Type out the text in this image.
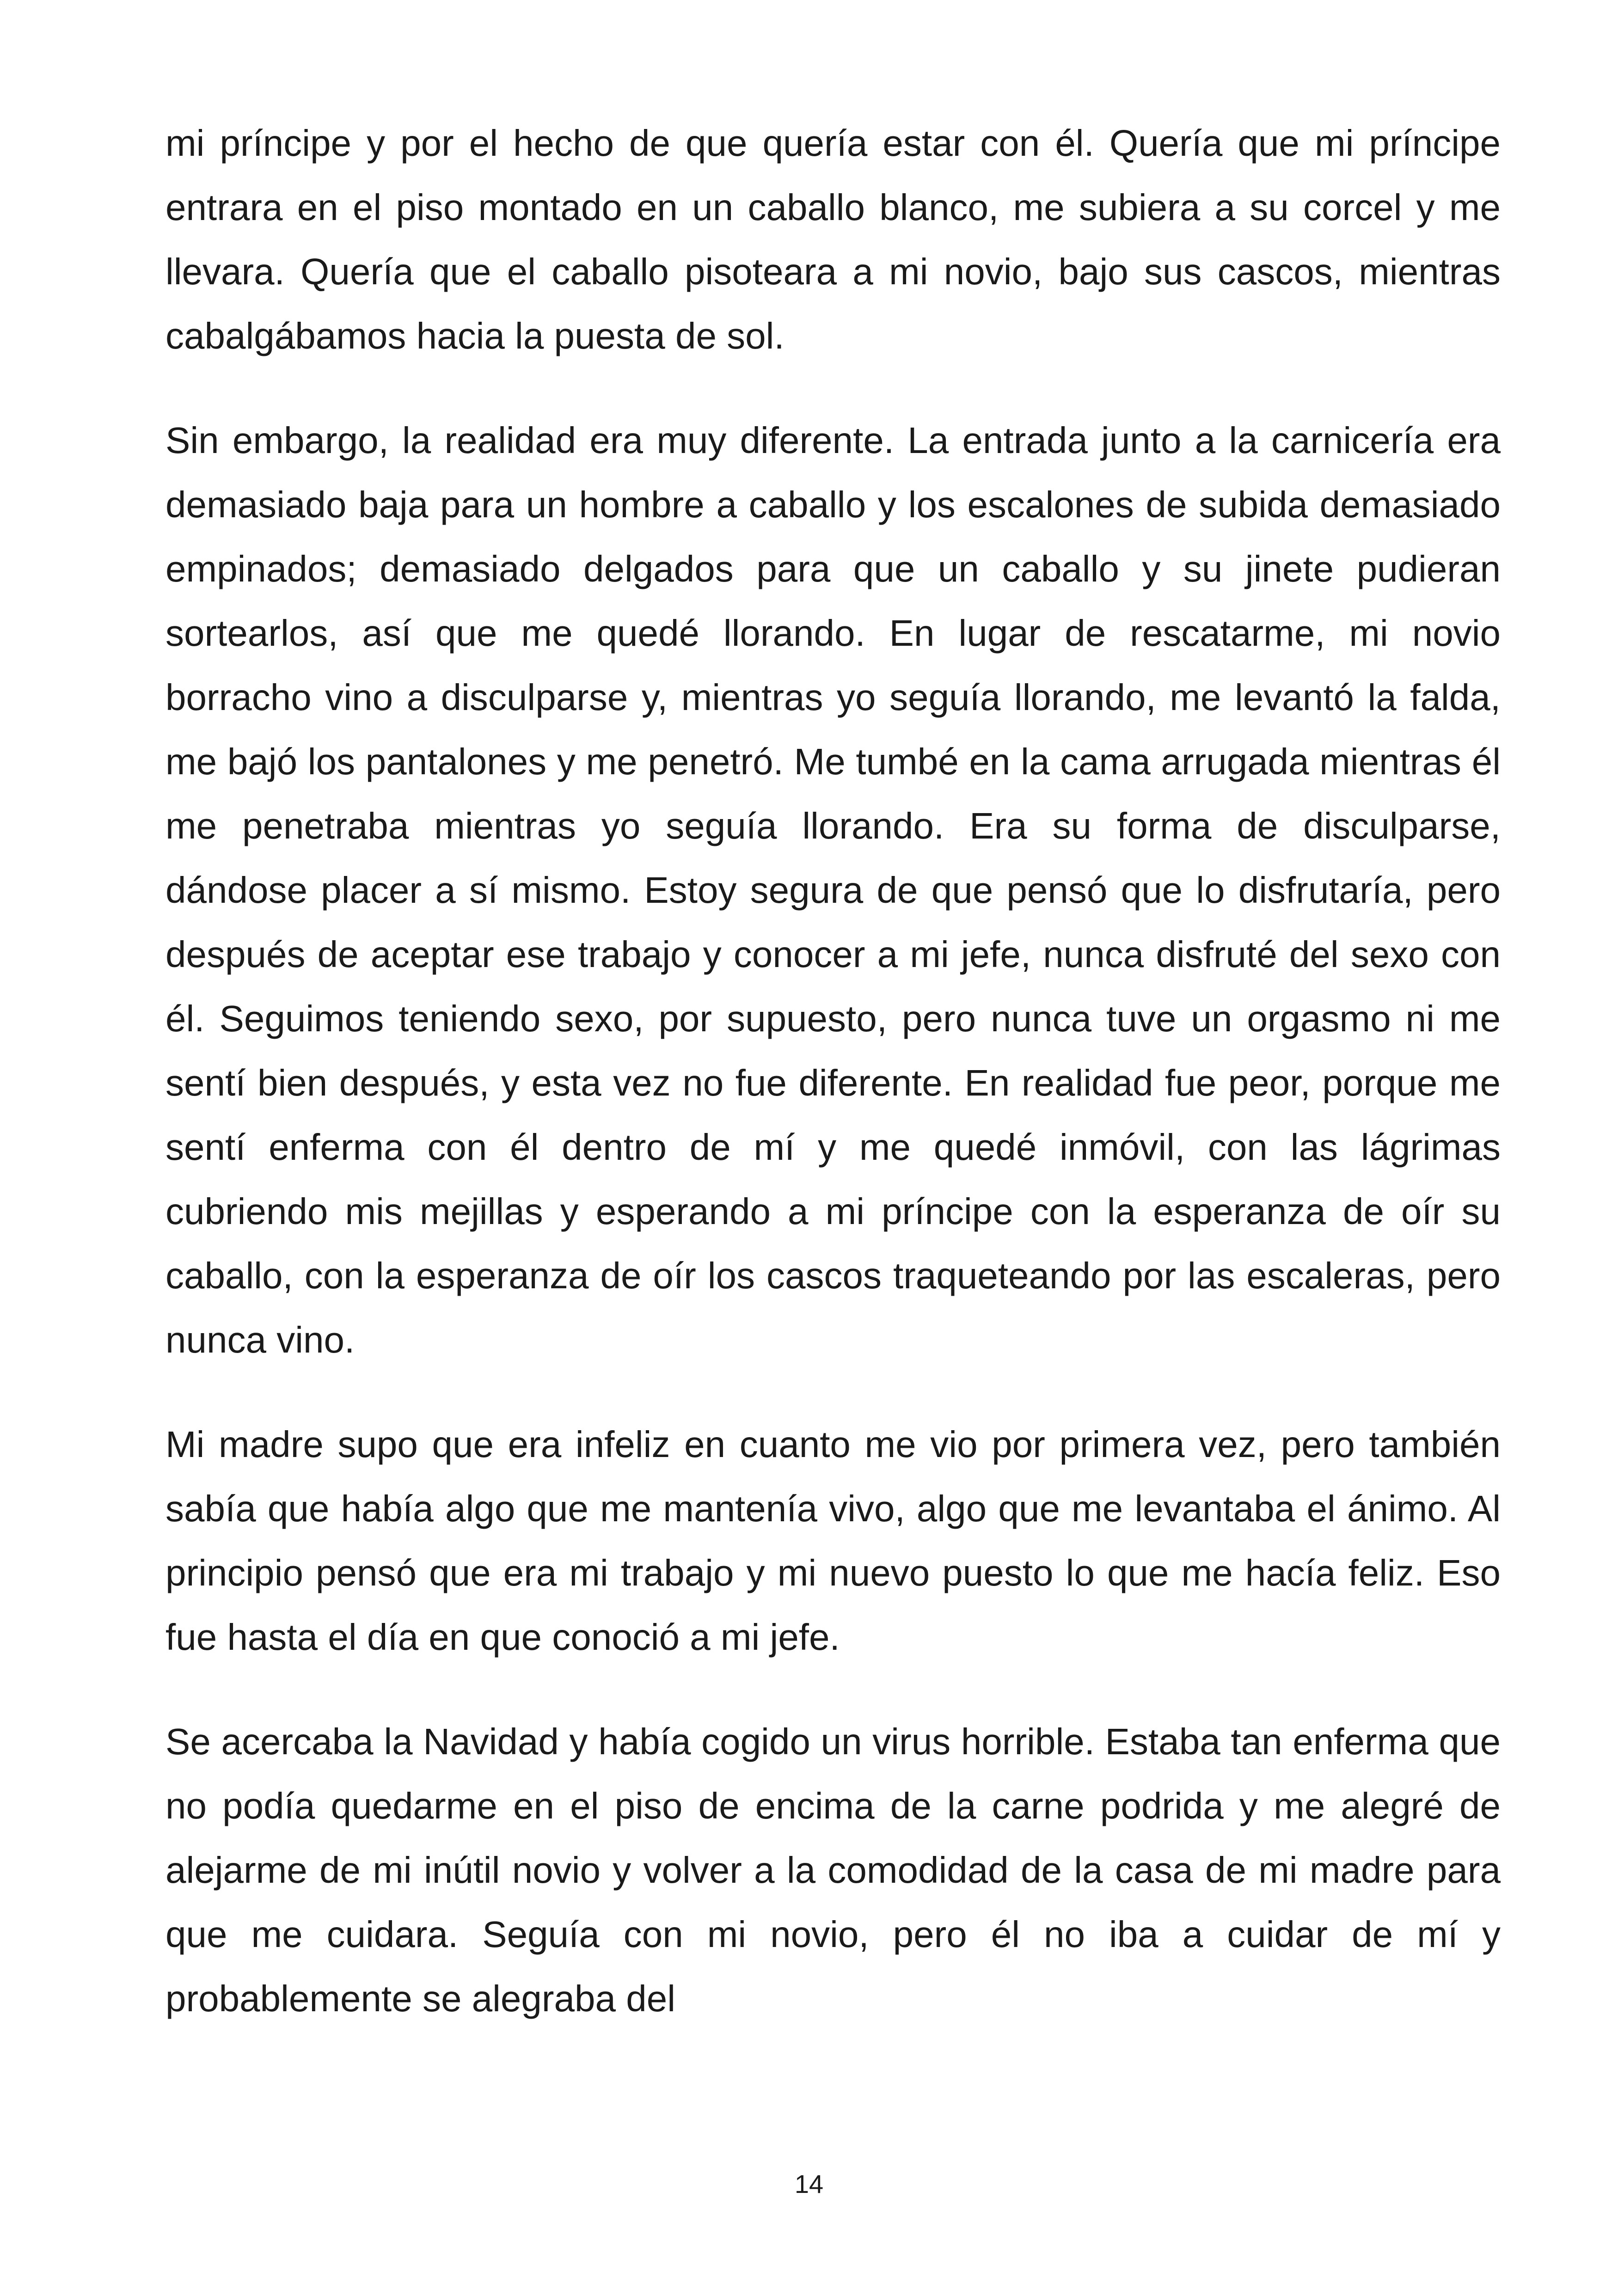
mi príncipe y por el hecho de que quería estar con él. Quería que mi príncipe entrara en el piso montado en un caballo blanco, me subiera a su corcel y me llevara. Quería que el caballo pisoteara a mi novio, bajo sus cascos, mientras cabalgábamos hacia la puesta de sol.

Sin embargo, la realidad era muy diferente. La entrada junto a la carnicería era demasiado baja para un hombre a caballo y los escalones de subida demasiado empinados; demasiado delgados para que un caballo y su jinete pudieran sortearlos, así que me quedé llorando. En lugar de rescatarme, mi novio borracho vino a disculparse y, mientras yo seguía llorando, me levantó la falda, me bajó los pantalones y me penetró. Me tumbé en la cama arrugada mientras él me penetraba mientras yo seguía llorando. Era su forma de disculparse, dándose placer a sí mismo. Estoy segura de que pensó que lo disfrutaría, pero después de aceptar ese trabajo y conocer a mi jefe, nunca disfruté del sexo con él. Seguimos teniendo sexo, por supuesto, pero nunca tuve un orgasmo ni me sentí bien después, y esta vez no fue diferente. En realidad fue peor, porque me sentí enferma con él dentro de mí y me quedé inmóvil, con las lágrimas cubriendo mis mejillas y esperando a mi príncipe con la esperanza de oír su caballo, con la esperanza de oír los cascos traqueteando por las escaleras, pero nunca vino.

Mi madre supo que era infeliz en cuanto me vio por primera vez, pero también sabía que había algo que me mantenía vivo, algo que me levantaba el ánimo. Al principio pensó que era mi trabajo y mi nuevo puesto lo que me hacía feliz. Eso fue hasta el día en que conoció a mi jefe.

Se acercaba la Navidad y había cogido un virus horrible. Estaba tan enferma que no podía quedarme en el piso de encima de la carne podrida y me alegré de alejarme de mi inútil novio y volver a la comodidad de la casa de mi madre para que me cuidara. Seguía con mi novio, pero él no iba a cuidar de mí y probablemente se alegraba del

14
